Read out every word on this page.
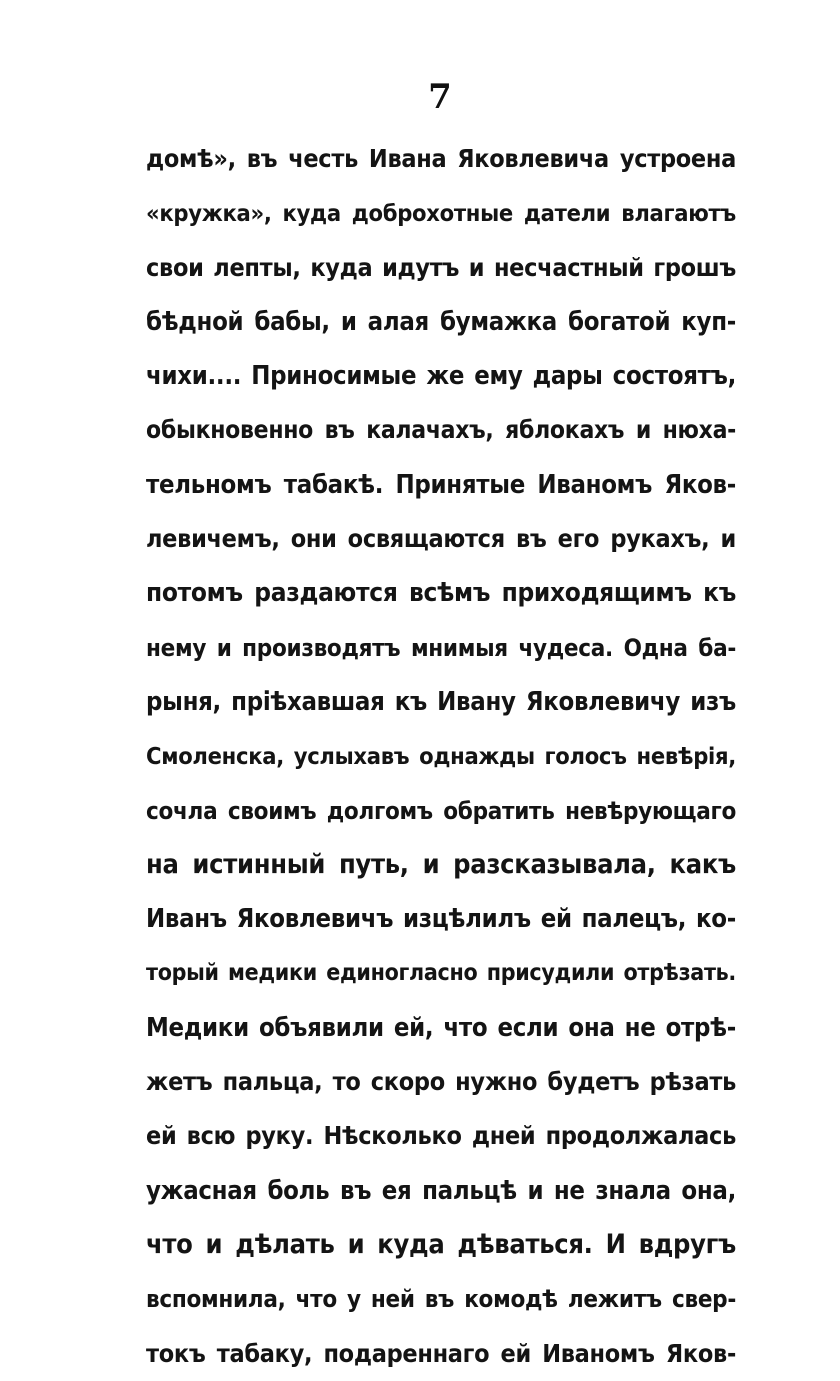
7
домѣ», въ честь Ивана Яковлевича устроена
«кружка», куда доброхотные датели влагаютъ
свои лепты, куда идутъ и несчастный грошъ
бѣдной бабы, и алая бумажка богатой куп-
чихи.... Приносимые же ему дары состоятъ,
обыкновенно въ калачахъ, яблокахъ и нюха-
тельномъ табакѣ. Принятые Иваномъ Яков-
левичемъ, они освящаются въ его рукахъ, и
потомъ раздаются всѣмъ приходящимъ къ
нему и производятъ мнимыя чудеса. Одна ба-
рыня, пріѣхавшая къ Ивану Яковлевичу изъ
Смоленска, услыхавъ однажды голосъ невѣрія,
сочла своимъ долгомъ обратить невѣрующаго
на истинный путь, и разсказывала, какъ
Иванъ Яковлевичъ изцѣлилъ ей палецъ, ко-
торый медики единогласно присудили отрѣзать.
Медики объявили ей, что если она не отрѣ-
жетъ пальца, то скоро нужно будетъ рѣзать
ей всю руку. Нѣсколько дней продолжалась
ужасная боль въ ея пальцѣ и не знала она,
что и дѣлать и куда дѣваться. И вдругъ
вспомнила, что у ней въ комодѣ лежитъ свер-
токъ табаку, подареннаго ей Иваномъ Яков-
